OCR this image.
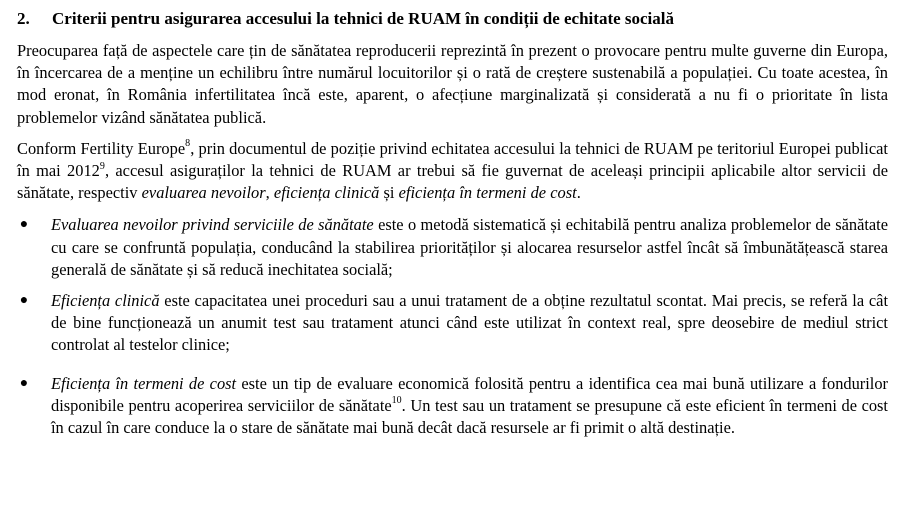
2.	Criterii pentru asigurarea accesului la tehnici de RUAM în condiții de echitate socială

Preocuparea față de aspectele care țin de sănătatea reproducerii reprezintă în prezent o provocare pentru multe guverne din Europa, în încercarea de a menține un echilibru între numărul locuitorilor și o rată de creștere sustenabilă a populației. Cu toate acestea, în mod eronat, în România infertilitatea încă este, aparent, o afecțiune marginalizată și considerată a nu fi o prioritate în lista problemelor vizând sănătatea publică.

Conform Fertility Europe$^8$, prin documentul de poziție privind echitatea accesului la tehnici de RUAM pe teritoriul Europei publicat în mai 2012$^9$, accesul asiguraților la tehnici de RUAM ar trebui să fie guvernat de aceleași principii aplicabile altor servicii de sănătate, respectiv evaluarea nevoilor, eficiența clinică și eficiența în termeni de cost.

● Evaluarea nevoilor privind serviciile de sănătate este o metodă sistematică și echitabilă pentru analiza problemelor de sănătate cu care se confruntă populația, conducând la stabilirea priorităților și alocarea resurselor astfel încât să îmbunătățească starea generală de sănătate și să reducă inechitatea socială;
● Eficiența clinică este capacitatea unei proceduri sau a unui tratament de a obține rezultatul scontat. Mai precis, se referă la cât de bine funcționează un anumit test sau tratament atunci când este utilizat în context real, spre deosebire de mediul strict controlat al testelor clinice;
● Eficiența în termeni de cost este un tip de evaluare economică folosită pentru a identifica cea mai bună utilizare a fondurilor disponibile pentru acoperirea serviciilor de sănătate$^{10}$. Un test sau un tratament se presupune că este eficient în termeni de cost în cazul în care conduce la o stare de sănătate mai bună decât dacă resursele ar fi primit o altă destinație.
